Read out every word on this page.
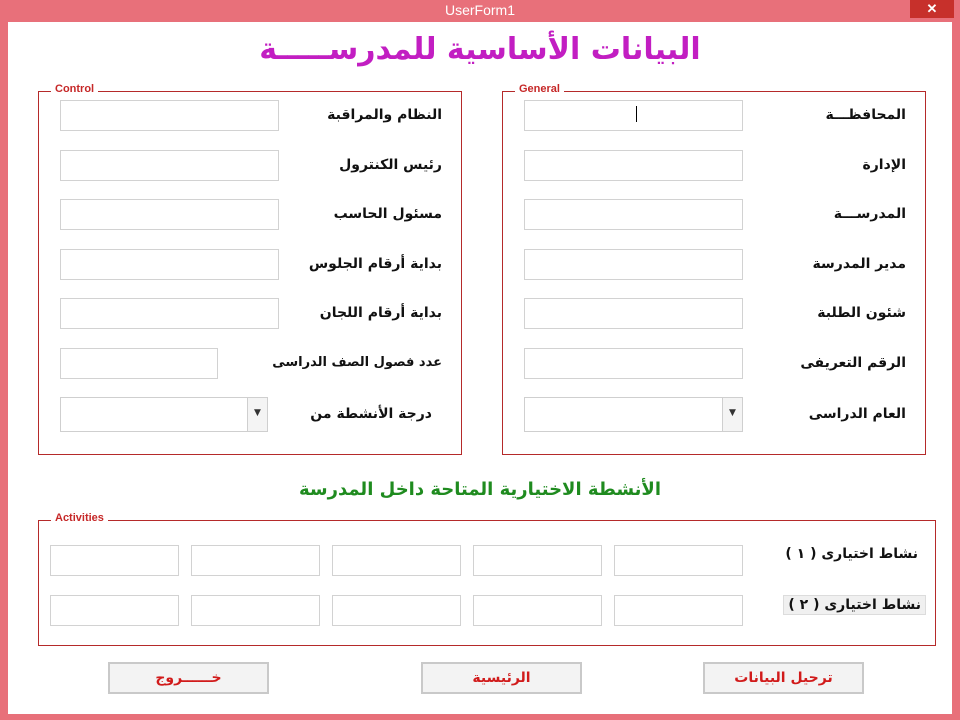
UserForm1	✕
البيانات الأساسية للمدرســـــة
General
المحافظـــة
الإدارة
المدرســـة
مدير المدرسة
شئون الطلبة
الرقم التعريفى
العام الدراسى
▼
Control
النظام والمراقبة
رئيس الكنترول
مسئول الحاسب
بداية أرقام الجلوس
بداية أرقام اللجان
عدد فصول الصف الدراسى
درجة الأنشطة من
▼
الأنشطة الاختيارية المتاحة داخل المدرسة
Activities
نشاط اختيارى ( ١ )
نشاط اختيارى ( ٢ )
ترحيل البيانات
الرئيسية
خــــــروج
